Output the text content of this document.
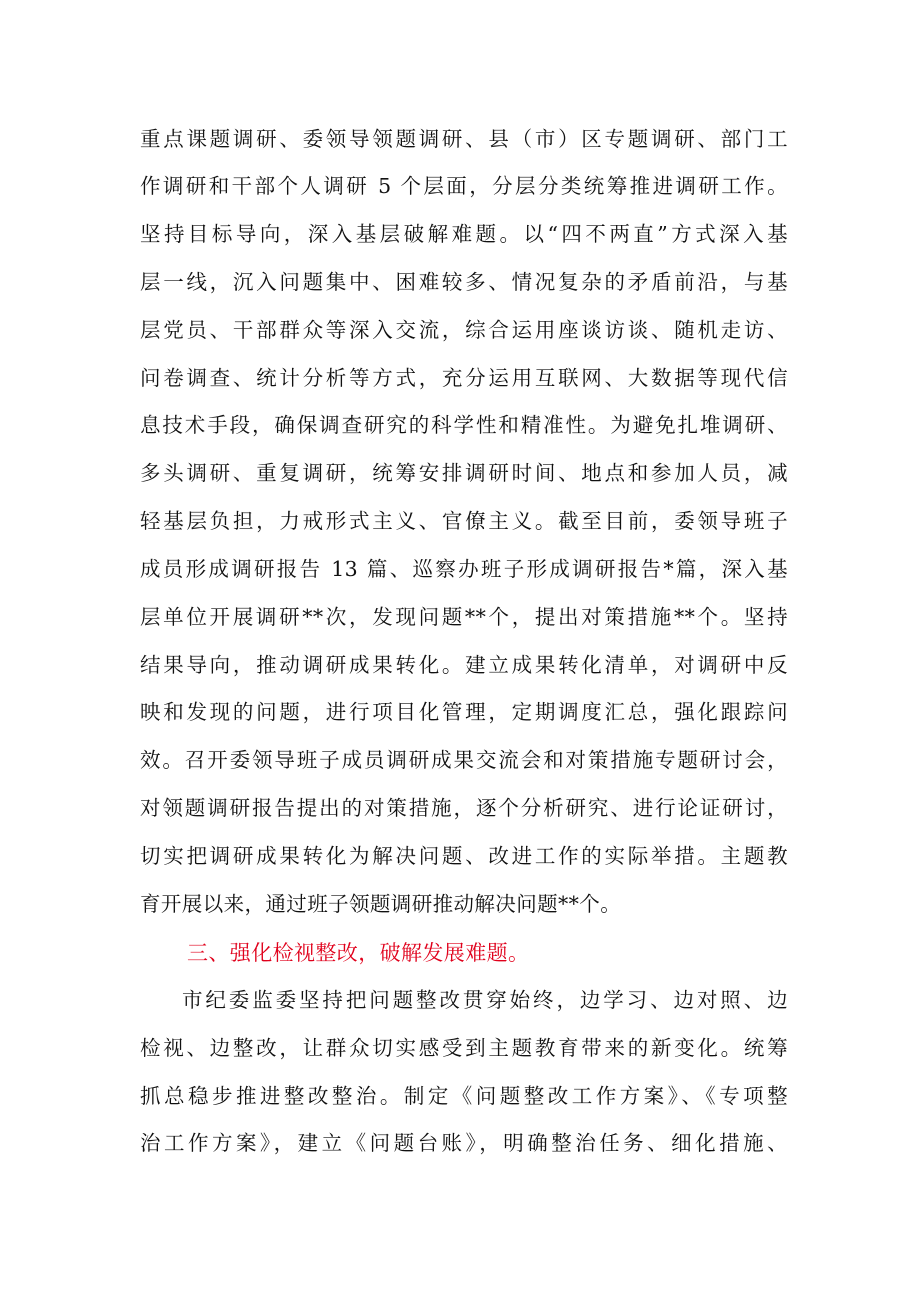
重点课题调研、委领导领题调研、县（市）区专题调研、部门工
作调研和干部个人调研 5 个层面，分层分类统筹推进调研工作。
坚持目标导向，深入基层破解难题。以“四不两直”方式深入基
层一线，沉入问题集中、困难较多、情况复杂的矛盾前沿，与基
层党员、干部群众等深入交流，综合运用座谈访谈、随机走访、
问卷调查、统计分析等方式，充分运用互联网、大数据等现代信
息技术手段，确保调查研究的科学性和精准性。为避免扎堆调研、
多头调研、重复调研，统筹安排调研时间、地点和参加人员，减
轻基层负担，力戒形式主义、官僚主义。截至目前，委领导班子
成员形成调研报告 13 篇、巡察办班子形成调研报告*篇，深入基
层单位开展调研**次，发现问题**个，提出对策措施**个。坚持
结果导向，推动调研成果转化。建立成果转化清单，对调研中反
映和发现的问题，进行项目化管理，定期调度汇总，强化跟踪问
效。召开委领导班子成员调研成果交流会和对策措施专题研讨会，
对领题调研报告提出的对策措施，逐个分析研究、进行论证研讨，
切实把调研成果转化为解决问题、改进工作的实际举措。主题教
育开展以来，通过班子领题调研推动解决问题**个。
三、强化检视整改，破解发展难题。
市纪委监委坚持把问题整改贯穿始终，边学习、边对照、边
检视、边整改，让群众切实感受到主题教育带来的新变化。统筹
抓总稳步推进整改整治。制定《问题整改工作方案》、《专项整
治工作方案》，建立《问题台账》，明确整治任务、细化措施、
